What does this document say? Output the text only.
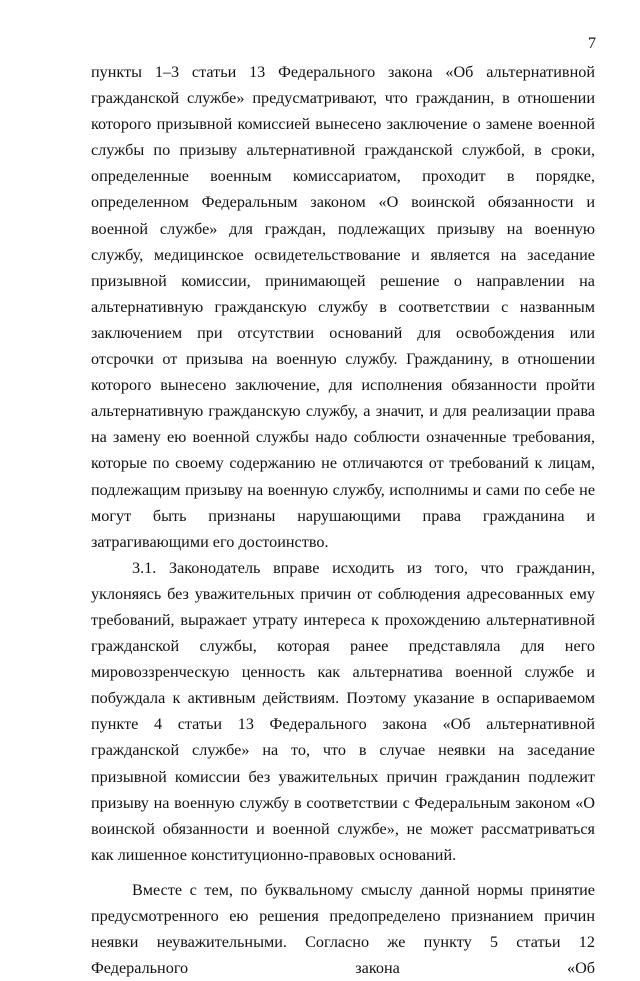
7

пункты 1–3 статьи 13 Федерального закона «Об альтернативной гражданской службе» предусматривают, что гражданин, в отношении которого призывной комиссией вынесено заключение о замене военной службы по призыву альтернативной гражданской службой, в сроки, определенные военным комиссариатом, проходит в порядке, определенном Федеральным законом «О воинской обязанности и военной службе» для граждан, подлежащих призыву на военную службу, медицинское освидетельствование и является на заседание призывной комиссии, принимающей решение о направлении на альтернативную гражданскую службу в соответствии с названным заключением при отсутствии оснований для освобождения или отсрочки от призыва на военную службу. Гражданину, в отношении которого вынесено заключение, для исполнения обязанности пройти альтернативную гражданскую службу, а значит, и для реализации права на замену ею военной службы надо соблюсти означенные требования, которые по своему содержанию не отличаются от требований к лицам, подлежащим призыву на военную службу, исполнимы и сами по себе не могут быть признаны нарушающими права гражданина и затрагивающими его достоинство.

3.1. Законодатель вправе исходить из того, что гражданин, уклоняясь без уважительных причин от соблюдения адресованных ему требований, выражает утрату интереса к прохождению альтернативной гражданской службы, которая ранее представляла для него мировоззренческую ценность как альтернатива военной службе и побуждала к активным действиям. Поэтому указание в оспариваемом пункте 4 статьи 13 Федерального закона «Об альтернативной гражданской службе» на то, что в случае неявки на заседание призывной комиссии без уважительных причин гражданин подлежит призыву на военную службу в соответствии с Федеральным законом «О воинской обязанности и военной службе», не может рассматриваться как лишенное конституционно-правовых оснований.

Вместе с тем, по буквальному смыслу данной нормы принятие предусмотренного ею решения предопределено признанием причин неявки неуважительными. Согласно же пункту 5 статьи 12 Федерального закона «Об
